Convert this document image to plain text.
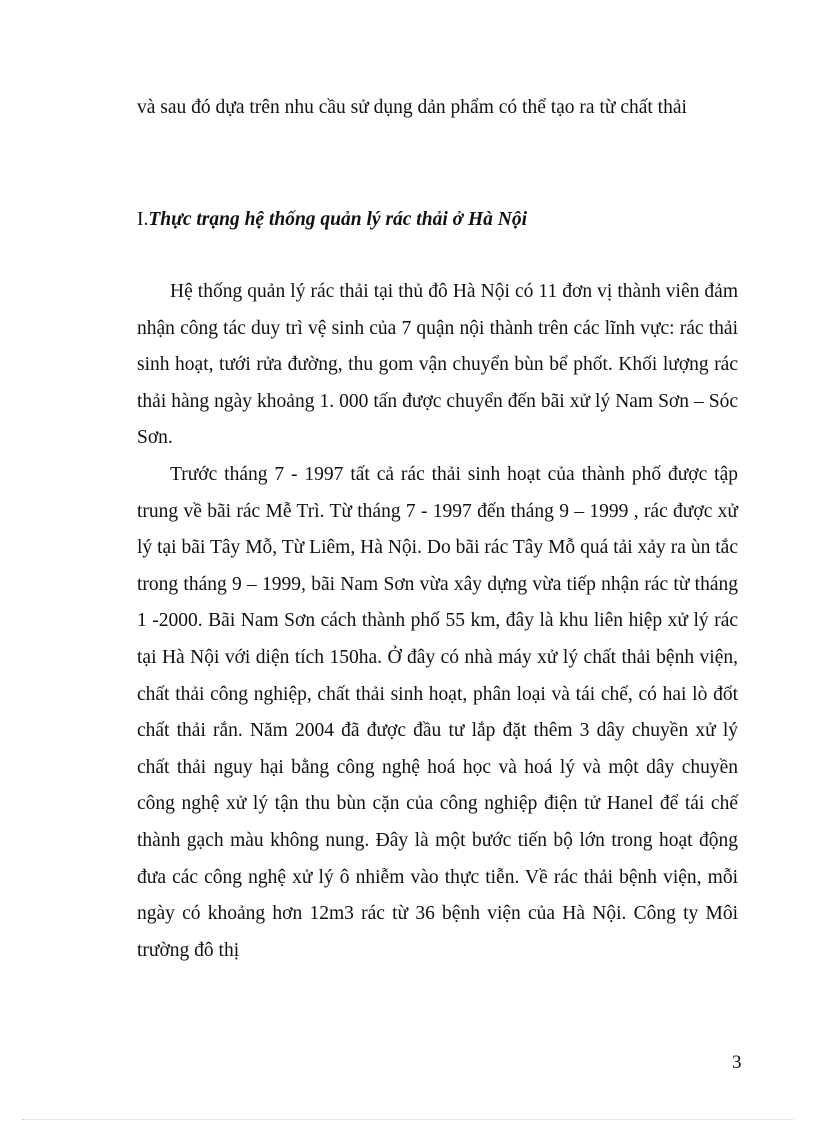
và sau đó dựa trên nhu cầu sử dụng dản phẩm có thể tạo ra từ chất thải

I.Thực trạng hệ thống quản lý rác thải ở Hà Nội

Hệ thống quản lý rác thải tại thủ đô Hà Nội có 11 đơn vị thành viên đảm nhận công tác duy trì vệ sinh của 7 quận nội thành trên các lĩnh vực: rác thải sinh hoạt, tưới rửa đường, thu gom vận chuyển bùn bể phốt. Khối lượng rác thải hàng ngày khoảng 1. 000 tấn được chuyển đến bãi xử lý Nam Sơn – Sóc Sơn.

Trước tháng 7 - 1997 tất cả rác thải sinh hoạt của thành phố được tập trung về bãi rác Mễ Trì. Từ tháng 7 - 1997 đến tháng 9 – 1999 , rác được xử lý tại bãi Tây Mỗ, Từ Liêm, Hà Nội. Do bãi rác Tây Mỗ quá tải xảy ra ùn tắc trong tháng 9 – 1999, bãi Nam Sơn vừa xây dựng vừa tiếp nhận rác từ tháng 1 -2000. Bãi Nam Sơn cách thành phố 55 km, đây là khu liên hiệp xử lý rác tại Hà Nội với diện tích 150ha. Ở đây có nhà máy xử lý chất thải bệnh viện, chất thải công nghiệp, chất thải sinh hoạt, phân loại và tái chế, có hai lò đốt chất thải rắn. Năm 2004 đã được đầu tư lắp đặt thêm 3 dây chuyền xử lý chất thải nguy hại bằng công nghệ hoá học và hoá lý và một dây chuyền công nghệ xử lý tận thu bùn cặn của công nghiệp điện tử Hanel để tái chế thành gạch màu không nung. Đây là một bước tiến bộ lớn trong hoạt động đưa các công nghệ xử lý ô nhiễm vào thực tiễn. Về rác thải bệnh viện, mỗi ngày có khoảng hơn 12m3 rác từ 36 bệnh viện của Hà Nội. Công ty Môi trường đô thị

3
